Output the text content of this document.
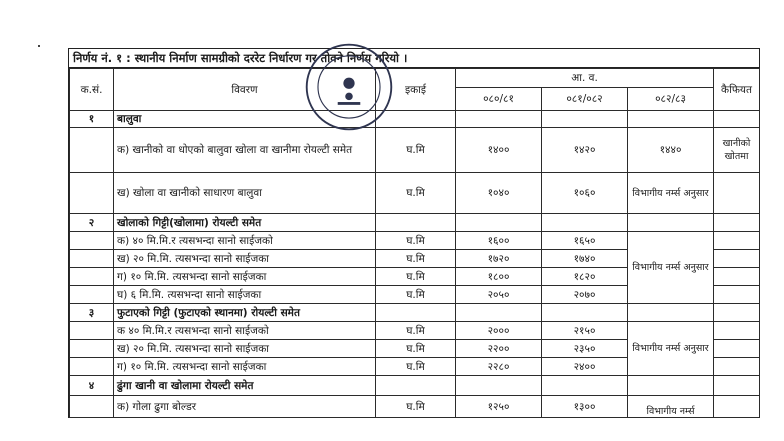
निर्णय नं. १ : स्थानीय निर्माण सामग्रीको दररेट निर्धारण गर तोक्ने निर्णय गरियो ।
क.सं.	विवरण	इकाई	आ. व.			कैफियत
			०८०/८१	०८१/०८२	०८२/८३	
१	बालुवा					
	क) खानीको वा धोएको बालुवा खोला वा खानीमा रोयल्टी समेत	घ.मि	१४००	१४२०	१४४०	खानीको खोतमा
	ख) खोला वा खानीको साधारण बालुवा	घ.मि	१०४०	१०६०	विभागीय नर्म्स अनुसार	
२	खोलाको गिट्टी(खोलामा) रोयल्टी समेत					
	क) ४० मि.मि.र त्यसभन्दा सानो साईजको	घ.मि	१६००	१६५०	विभागीय नर्म्स अनुसार	
	ख) २० मि.मि. त्यसभन्दा सानो साईजका	घ.मि	१७२०	१७४०		
	ग) १० मि.मि. त्यसभन्दा सानो साईजका	घ.मि	१८००	१८२०		
	घ) ६ मि.मि. त्यसभन्दा सानो साईजका	घ.मि	२०५०	२०७०		
३	फुटाएको गिट्टी (फुटाएको स्थानमा) रोयल्टी समेत					
	क ४० मि.मि.र त्यसभन्दा सानो साईजको	घ.मि	२०००	२१५०	विभागीय नर्म्स अनुसार	
	ख) २० मि.मि. त्यसभन्दा सानो साईजका	घ.मि	२२००	२३५०		
	ग) १० मि.मि. त्यसभन्दा सानो साईजका	घ.मि	२२८०	२४००		
४	ढुंगा खानी वा खोलामा रोयल्टी समेत					
	क) गोला ढुगा बोल्डर	घ.मि	१२५०	१३००	विभागीय नर्म्स	
